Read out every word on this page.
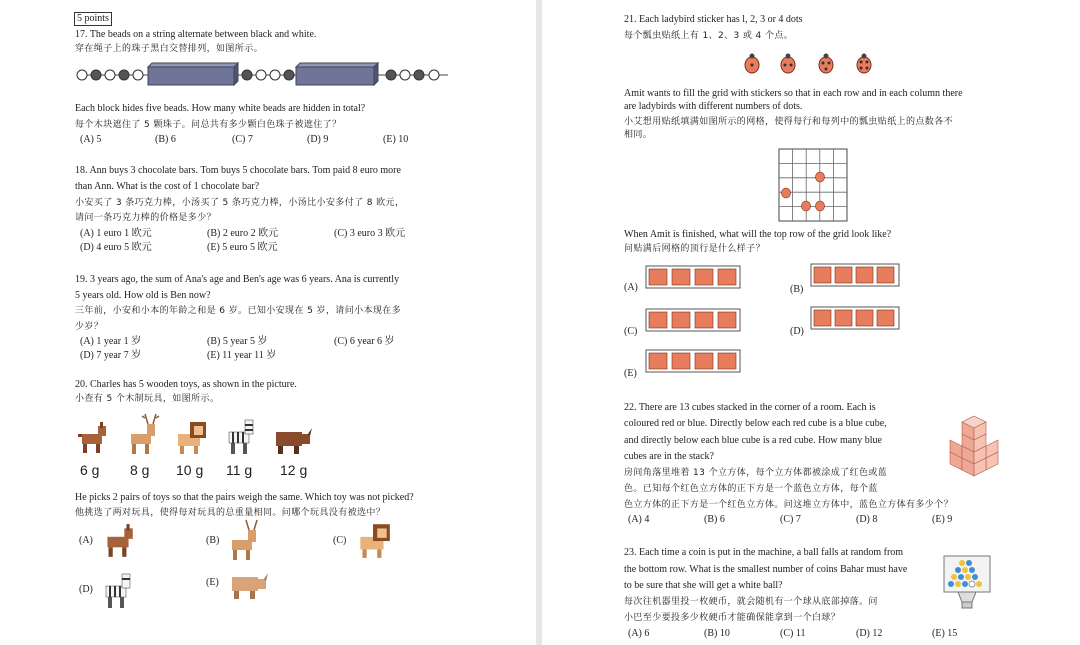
5 points
17. The beads on a string alternate between black and white.
穿在绳子上的珠子黑白交替排列，如图所示。
Each block hides five beads. How many white beads are hidden in total?
每个木块遮住了 5 颗珠子。问总共有多少颗白色珠子被遮住了？
(A) 5	(B) 6	(C) 7	(D) 9	(E) 10
18. Ann buys 3 chocolate bars. Tom buys 5 chocolate bars. Tom paid 8 euro more
than Ann. What is the cost of 1 chocolate bar?
小安买了 3 条巧克力棒，小汤买了 5 条巧克力棒，小汤比小安多付了 8 欧元，
请问一条巧克力棒的价格是多少？
(A) 1 euro 1 欧元	(B) 2 euro 2 欧元	(C) 3 euro 3 欧元
(D) 4 euro 5 欧元	(E) 5 euro 5 欧元
19. 3 years ago, the sum of Ana's age and Ben's age was 6 years. Ana is currently
5 years old. How old is Ben now?
三年前，小安和小本的年龄之和是 6 岁。已知小安现在 5 岁，请问小本现在多
少岁？
(A) 1 year 1 岁	(B) 5 year 5 岁	(C) 6 year 6 岁
(D) 7 year 7 岁	(E) 11 year 11 岁
20. Charles has 5 wooden toys, as shown in the picture.
小查有 5 个木制玩具，如图所示。
6 g 8 g 10 g 11 g 12 g
He picks 2 pairs of toys so that the pairs weigh the same. Which toy was not picked?
他挑选了两对玩具，使得每对玩具的总重量相同。问哪个玩具没有被选中？
(A)	(B)	(C)
(D)
(E)
21. Each ladybird sticker has l, 2, 3 or 4 dots
每个瓢虫贴纸上有 1、2、3 或 4 个点。
Amit wants to fill the grid with stickers so that in each row and in each column there
are ladybirds with different numbers of dots.
小艾想用贴纸填满如图所示的网格，使得每行和每列中的瓢虫贴纸上的点数各不
相同。
When Amit is finished, what will the top row of the grid look like?
问贴满后网格的顶行是什么样子？
(A)	(B)
(C)	(D)
(E)
22. There are 13 cubes stacked in the corner of a room. Each is
coloured red or blue. Directly below each red cube is a blue cube,
and directly below each blue cube is a red cube. How many blue
cubes are in the stack?
房间角落里堆着 13 个立方体，每个立方体都被涂成了红色或蓝
色。已知每个红色立方体的正下方是一个蓝色立方体，每个蓝
色立方体的正下方是一个红色立方体。问这堆立方体中，蓝色立方体有多少个？
(A) 4	(B) 6	(C) 7	(D) 8	(E) 9
23. Each time a coin is put in the machine, a ball falls at random from
the bottom row. What is the smallest number of coins Bahar must have
to be sure that she will get a white ball?
每次往机器里投一枚硬币，就会随机有一个球从底部掉落。问
小巴至少要投多少枚硬币才能确保能拿到一个白球？
(A) 6	(B) 10	(C) 11	(D) 12	(E) 15
